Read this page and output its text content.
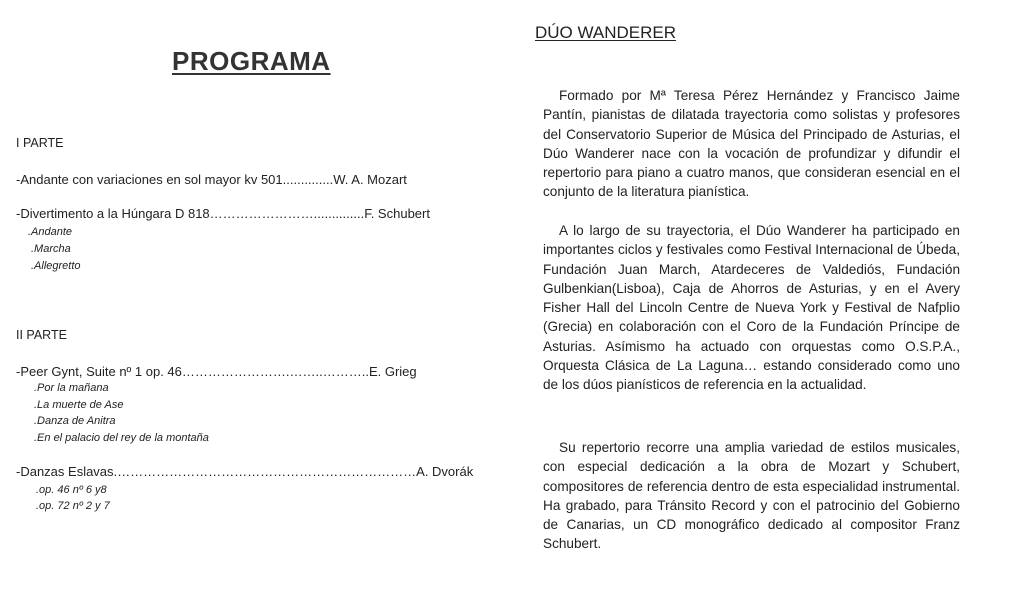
PROGRAMA
I PARTE
-Andante con variaciones en sol mayor kv 501..............W. A. Mozart
-Divertimento a la Húngara D 818……………………..............F. Schubert
.Andante
.Marcha
.Allegretto
II PARTE
-Peer Gynt, Suite nº 1 op. 46…………………….……..………..E. Grieg
.Por la mañana
.La muerte de Ase
.Danza de Anitra
.En el palacio del rey de la montaña
-Danzas Eslavas.……………………………………………………………A. Dvorák
.op. 46 nº 6 y8
.op. 72 nº 2 y 7
DÚO WANDERER

Formado por Mª Teresa Pérez Hernández y Francisco Jaime Pantín, pianistas de dilatada trayectoria como solistas y profesores del Conservatorio Superior de Música del Principado de Asturias, el Dúo Wanderer nace con la vocación de profundizar y difundir el repertorio para piano a cuatro manos, que consideran esencial en el conjunto de la literatura pianística.

A lo largo de su trayectoria, el Dúo Wanderer ha participado en importantes ciclos y festivales como Festival Internacional de Úbeda, Fundación Juan March, Atardeceres de Valdediós, Fundación Gulbenkian(Lisboa), Caja de Ahorros de Asturias, y en el Avery Fisher Hall del Lincoln Centre de Nueva York y Festival de Nafplio (Grecia) en colaboración con el Coro de la Fundación Príncipe de Asturias. Asímismo ha actuado con orquestas como O.S.P.A., Orquesta Clásica de La Laguna… estando considerado como uno de los dúos pianísticos de referencia en la actualidad.

Su repertorio recorre una amplia variedad de estilos musicales, con especial dedicación a la obra de Mozart y Schubert, compositores de referencia dentro de esta especialidad instrumental. Ha grabado, para Tránsito Record y con el patrocinio del Gobierno de Canarias, un CD monográfico dedicado al compositor Franz Schubert.
